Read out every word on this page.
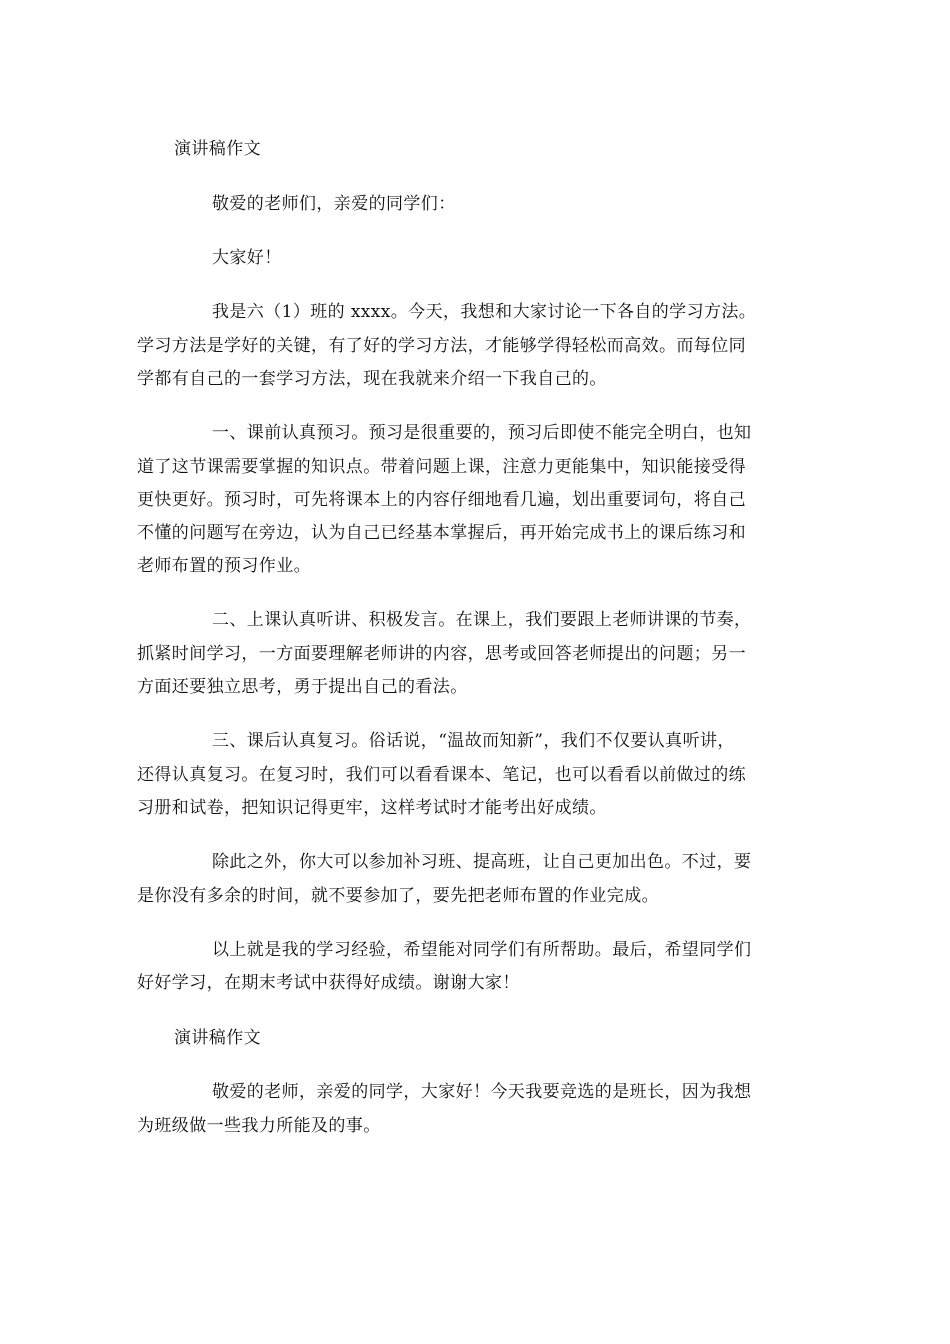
演讲稿作文
敬爱的老师们，亲爱的同学们：
大家好！
我是六（1）班的 xxxx。今天，我想和大家讨论一下各自的学习方法。
学习方法是学好的关键，有了好的学习方法，才能够学得轻松而高效。而每位同
学都有自己的一套学习方法，现在我就来介绍一下我自己的。
一、课前认真预习。预习是很重要的，预习后即使不能完全明白，也知
道了这节课需要掌握的知识点。带着问题上课，注意力更能集中，知识能接受得
更快更好。预习时，可先将课本上的内容仔细地看几遍，划出重要词句，将自己
不懂的问题写在旁边，认为自己已经基本掌握后，再开始完成书上的课后练习和
老师布置的预习作业。
二、上课认真听讲、积极发言。在课上，我们要跟上老师讲课的节奏，
抓紧时间学习，一方面要理解老师讲的内容，思考或回答老师提出的问题；另一
方面还要独立思考，勇于提出自己的看法。
三、课后认真复习。俗话说，“温故而知新”，我们不仅要认真听讲，
还得认真复习。在复习时，我们可以看看课本、笔记，也可以看看以前做过的练
习册和试卷，把知识记得更牢，这样考试时才能考出好成绩。
除此之外，你大可以参加补习班、提高班，让自己更加出色。不过，要
是你没有多余的时间，就不要参加了，要先把老师布置的作业完成。
以上就是我的学习经验，希望能对同学们有所帮助。最后，希望同学们
好好学习，在期末考试中获得好成绩。谢谢大家！
演讲稿作文
敬爱的老师，亲爱的同学，大家好！今天我要竞选的是班长，因为我想
为班级做一些我力所能及的事。
